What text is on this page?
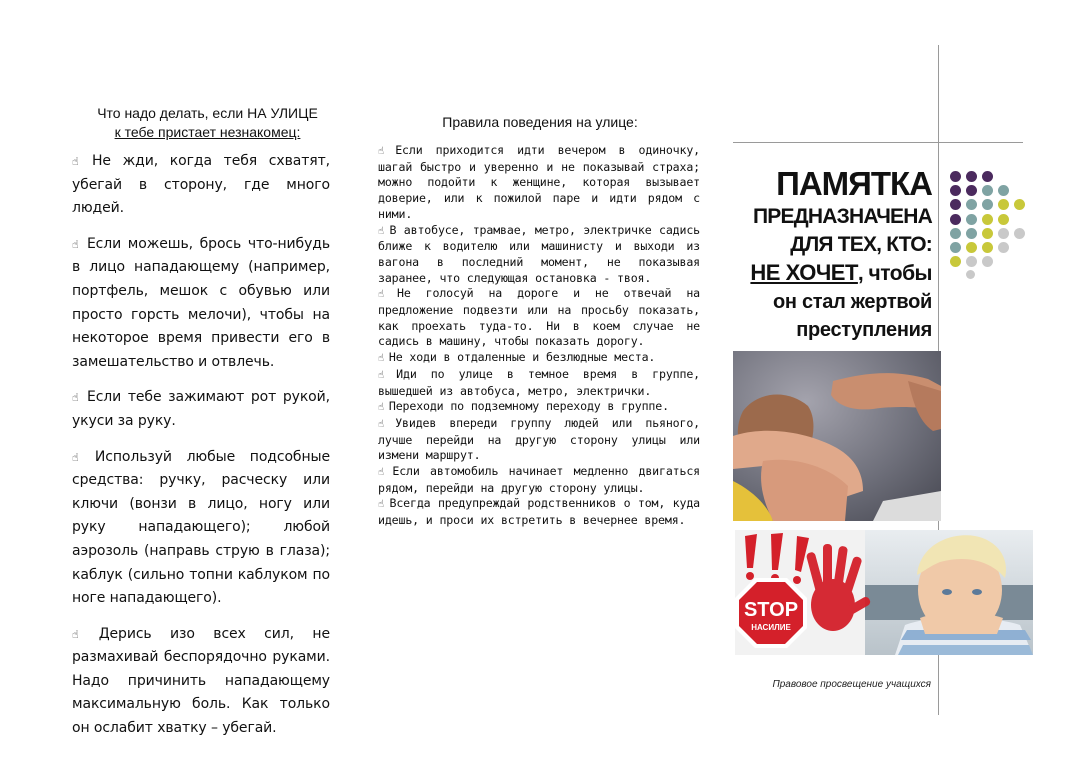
Что надо делать, если НА УЛИЦЕ
к тебе пристает незнакомец:

☝ Не жди, когда тебя схватят, убегай в сторону, где много людей.

☝ Если можешь, брось что-нибудь в лицо нападающему (например, портфель, мешок с обувью или просто горсть мелочи), чтобы на некоторое время привести его в замешательство и отвлечь.

☝ Если тебе зажимают рот рукой, укуси за руку.

☝ Используй любые подсобные средства: ручку, расческу или ключи (вонзи в лицо, ногу или руку нападающего); любой аэрозоль (направь струю в глаза); каблук (сильно топни каблуком по ноге нападающего).

☝ Дерись изо всех сил, не размахивай беспорядочно руками. Надо причинить нападающему максимальную боль. Как только он ослабит хватку – убегай.

Правила поведения на улице:

☝ Если приходится идти вечером в одиночку, шагай быстро и уверенно и не показывай страха; можно подойти к женщине, которая вызывает доверие, или к пожилой паре и идти рядом с ними.

☝ В автобусе, трамвае, метро, электричке садись ближе к водителю или машинисту и выходи из вагона в последний момент, не показывая заранее, что следующая остановка - твоя.

☝ Не голосуй на дороге и не отвечай на предложение подвезти или на просьбу показать, как проехать туда-то. Ни в коем случае не садись в машину, чтобы показать дорогу.

☝ Не ходи в отдаленные и безлюдные места.

☝ Иди по улице в темное время в группе, вышедшей из автобуса, метро, электрички.

☝ Переходи по подземному переходу в группе.

☝ Увидев впереди группу людей или пьяного, лучше перейди на другую сторону улицы или измени маршрут.

☝ Если автомобиль начинает медленно двигаться рядом, перейди на другую сторону улицы.

☝ Всегда предупреждай родственников о том, куда идешь, и проси их встретить в вечернее время.

ПАМЯТКА
ПРЕДНАЗНАЧЕНА
ДЛЯ ТЕХ, КТО:
НЕ ХОЧЕТ, чтобы
он стал жертвой
преступления
STOP
НАСИЛИЕ
Правовое просвещение учащихся
